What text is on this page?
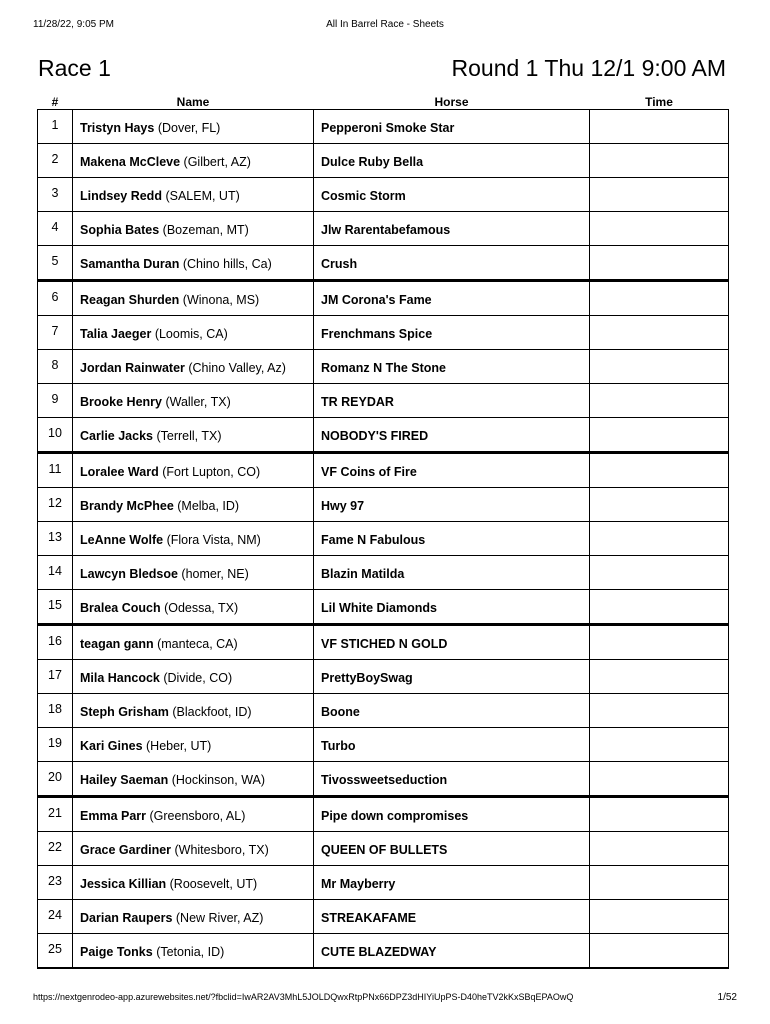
11/28/22, 9:05 PM	All In Barrel Race - Sheets
Race 1	Round 1 Thu 12/1 9:00 AM
#	Name	Horse	Time
1	Tristyn Hays (Dover, FL)	Pepperoni Smoke Star	
2	Makena McCleve (Gilbert, AZ)	Dulce Ruby Bella	
3	Lindsey Redd (SALEM, UT)	Cosmic Storm	
4	Sophia Bates (Bozeman, MT)	Jlw Rarentabefamous	
5	Samantha Duran (Chino hills, Ca)	Crush	
6	Reagan Shurden (Winona, MS)	JM Corona's Fame	
7	Talia Jaeger (Loomis, CA)	Frenchmans Spice	
8	Jordan Rainwater (Chino Valley, Az)	Romanz N The Stone	
9	Brooke Henry (Waller, TX)	TR REYDAR	
10	Carlie Jacks (Terrell, TX)	NOBODY'S FIRED	
11	Loralee Ward (Fort Lupton, CO)	VF Coins of Fire	
12	Brandy McPhee (Melba, ID)	Hwy 97	
13	LeAnne Wolfe (Flora Vista, NM)	Fame N Fabulous	
14	Lawcyn Bledsoe (homer, NE)	Blazin Matilda	
15	Bralea Couch (Odessa, TX)	Lil White Diamonds	
16	teagan gann (manteca, CA)	VF STICHED N GOLD	
17	Mila Hancock (Divide, CO)	PrettyBoySwag	
18	Steph Grisham (Blackfoot, ID)	Boone	
19	Kari Gines (Heber, UT)	Turbo	
20	Hailey Saeman (Hockinson, WA)	Tivossweetseduction	
21	Emma Parr (Greensboro, AL)	Pipe down compromises	
22	Grace Gardiner (Whitesboro, TX)	QUEEN OF BULLETS	
23	Jessica Killian (Roosevelt, UT)	Mr Mayberry	
24	Darian Raupers (New River, AZ)	STREAKAFAME	
25	Paige Tonks (Tetonia, ID)	CUTE BLAZEDWAY	
https://nextgenrodeo-app.azurewebsites.net/?fbclid=IwAR2AV3MhL5JOLDQwxRtpPNx66DPZ3dHIYiUpPS-D40heTV2kKxSBqEPAOwQ	1/52
